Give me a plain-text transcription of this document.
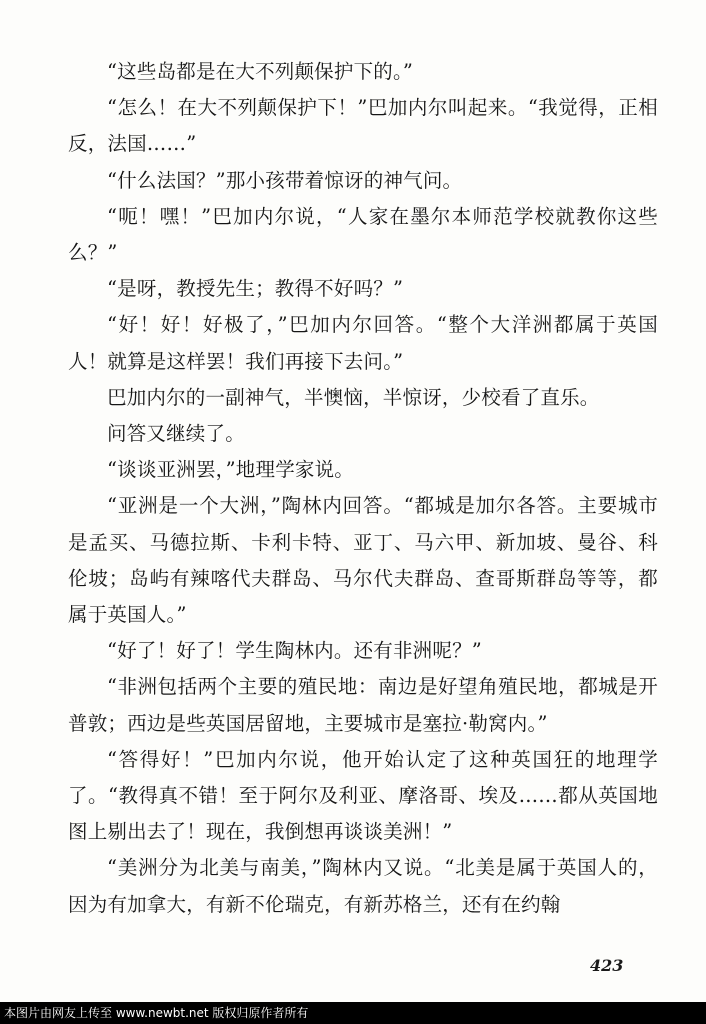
“这些岛都是在大不列颠保护下的。”

“怎么！在大不列颠保护下！”巴加内尔叫起来。“我觉得，正相反，法国……”

“什么法国？”那小孩带着惊讶的神气问。

“呃！嘿！”巴加内尔说，“人家在墨尔本师范学校就教你这些么？”

“是呀，教授先生；教得不好吗？”

“好！好！好极了，”巴加内尔回答。“整个大洋洲都属于英国人！就算是这样罢！我们再接下去问。”

巴加内尔的一副神气，半懊恼，半惊讶，少校看了直乐。

问答又继续了。

“谈谈亚洲罢，”地理学家说。

“亚洲是一个大洲，”陶林内回答。“都城是加尔各答。主要城市是孟买、马德拉斯、卡利卡特、亚丁、马六甲、新加坡、曼谷、科伦坡；岛屿有辣喀代夫群岛、马尔代夫群岛、查哥斯群岛等等，都属于英国人。”

“好了！好了！学生陶林内。还有非洲呢？”

“非洲包括两个主要的殖民地：南边是好望角殖民地，都城是开普敦；西边是些英国居留地，主要城市是塞拉·勒窝内。”

“答得好！”巴加内尔说，他开始认定了这种英国狂的地理学了。“教得真不错！至于阿尔及利亚、摩洛哥、埃及……都从英国地图上剔出去了！现在，我倒想再谈谈美洲！”

“美洲分为北美与南美，”陶林内又说。“北美是属于英国人的，因为有加拿大，有新不伦瑞克，有新苏格兰，还有在约翰

423
本图片由网友上传至 www.newbt.net 版权归原作者所有
